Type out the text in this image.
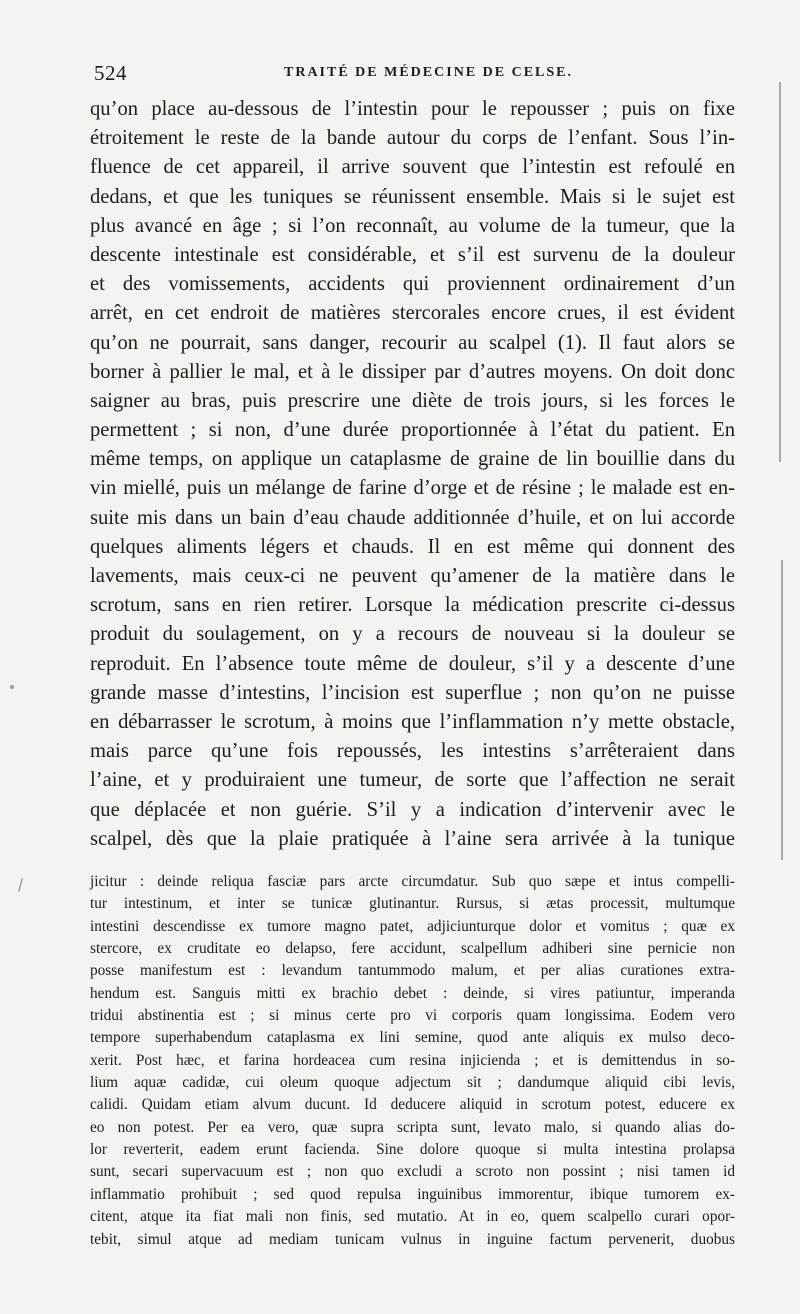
524	TRAITÉ DE MÉDECINE DE CELSE.
qu’on place au-dessous de l’intestin pour le repousser ; puis on fixe
étroitement le reste de la bande autour du corps de l’enfant. Sous l’in-
fluence de cet appareil, il arrive souvent que l’intestin est refoulé en
dedans, et que les tuniques se réunissent ensemble. Mais si le sujet est
plus avancé en âge ; si l’on reconnaît, au volume de la tumeur, que la
descente intestinale est considérable, et s’il est survenu de la douleur
et des vomissements, accidents qui proviennent ordinairement d’un
arrêt, en cet endroit de matières stercorales encore crues, il est évident
qu’on ne pourrait, sans danger, recourir au scalpel (1). Il faut alors se
borner à pallier le mal, et à le dissiper par d’autres moyens. On doit donc
saigner au bras, puis prescrire une diète de trois jours, si les forces le
permettent ; si non, d’une durée proportionnée à l’état du patient. En
même temps, on applique un cataplasme de graine de lin bouillie dans du
vin miellé, puis un mélange de farine d’orge et de résine ; le malade est en-
suite mis dans un bain d’eau chaude additionnée d’huile, et on lui accorde
quelques aliments légers et chauds. Il en est même qui donnent des
lavements, mais ceux-ci ne peuvent qu’amener de la matière dans le
scrotum, sans en rien retirer. Lorsque la médication prescrite ci-dessus
produit du soulagement, on y a recours de nouveau si la douleur se
reproduit. En l’absence toute même de douleur, s’il y a descente d’une
grande masse d’intestins, l’incision est superflue ; non qu’on ne puisse
en débarrasser le scrotum, à moins que l’inflammation n’y mette obstacle,
mais parce qu’une fois repoussés, les intestins s’arrêteraient dans
l’aine, et y produiraient une tumeur, de sorte que l’affection ne serait
que déplacée et non guérie. S’il y a indication d’intervenir avec le
scalpel, dès que la plaie pratiquée à l’aine sera arrivée à la tunique
jicitur : deinde reliqua fasciæ pars arcte circumdatur. Sub quo sæpe et intus compelli-
tur intestinum, et inter se tunicæ glutinantur. Rursus, si ætas processit, multumque
intestini descendisse ex tumore magno patet, adjiciunturque dolor et vomitus ; quæ ex
stercore, ex cruditate eo delapso, fere accidunt, scalpellum adhiberi sine pernicie non
posse manifestum est : levandum tantummodo malum, et per alias curationes extra-
hendum est. Sanguis mitti ex brachio debet : deinde, si vires patiuntur, imperanda
tridui abstinentia est ; si minus certe pro vi corporis quam longissima. Eodem vero
tempore superhabendum cataplasma ex lini semine, quod ante aliquis ex mulso deco-
xerit. Post hæc, et farina hordeacea cum resina injicienda ; et is demittendus in so-
lium aquæ cadidæ, cui oleum quoque adjectum sit ; dandumque aliquid cibi levis,
calidi. Quidam etiam alvum ducunt. Id deducere aliquid in scrotum potest, educere ex
eo non potest. Per ea vero, quæ supra scripta sunt, levato malo, si quando alias do-
lor reverterit, eadem erunt facienda. Sine dolore quoque si multa intestina prolapsa
sunt, secari supervacuum est ; non quo excludi a scroto non possint ; nisi tamen id
inflammatio prohibuit ; sed quod repulsa inguinibus immorentur, ibique tumorem ex-
citent, atque ita fiat mali non finis, sed mutatio. At in eo, quem scalpello curari opor-
tebit, simul atque ad mediam tunicam vulnus in inguine factum pervenerit, duobus
